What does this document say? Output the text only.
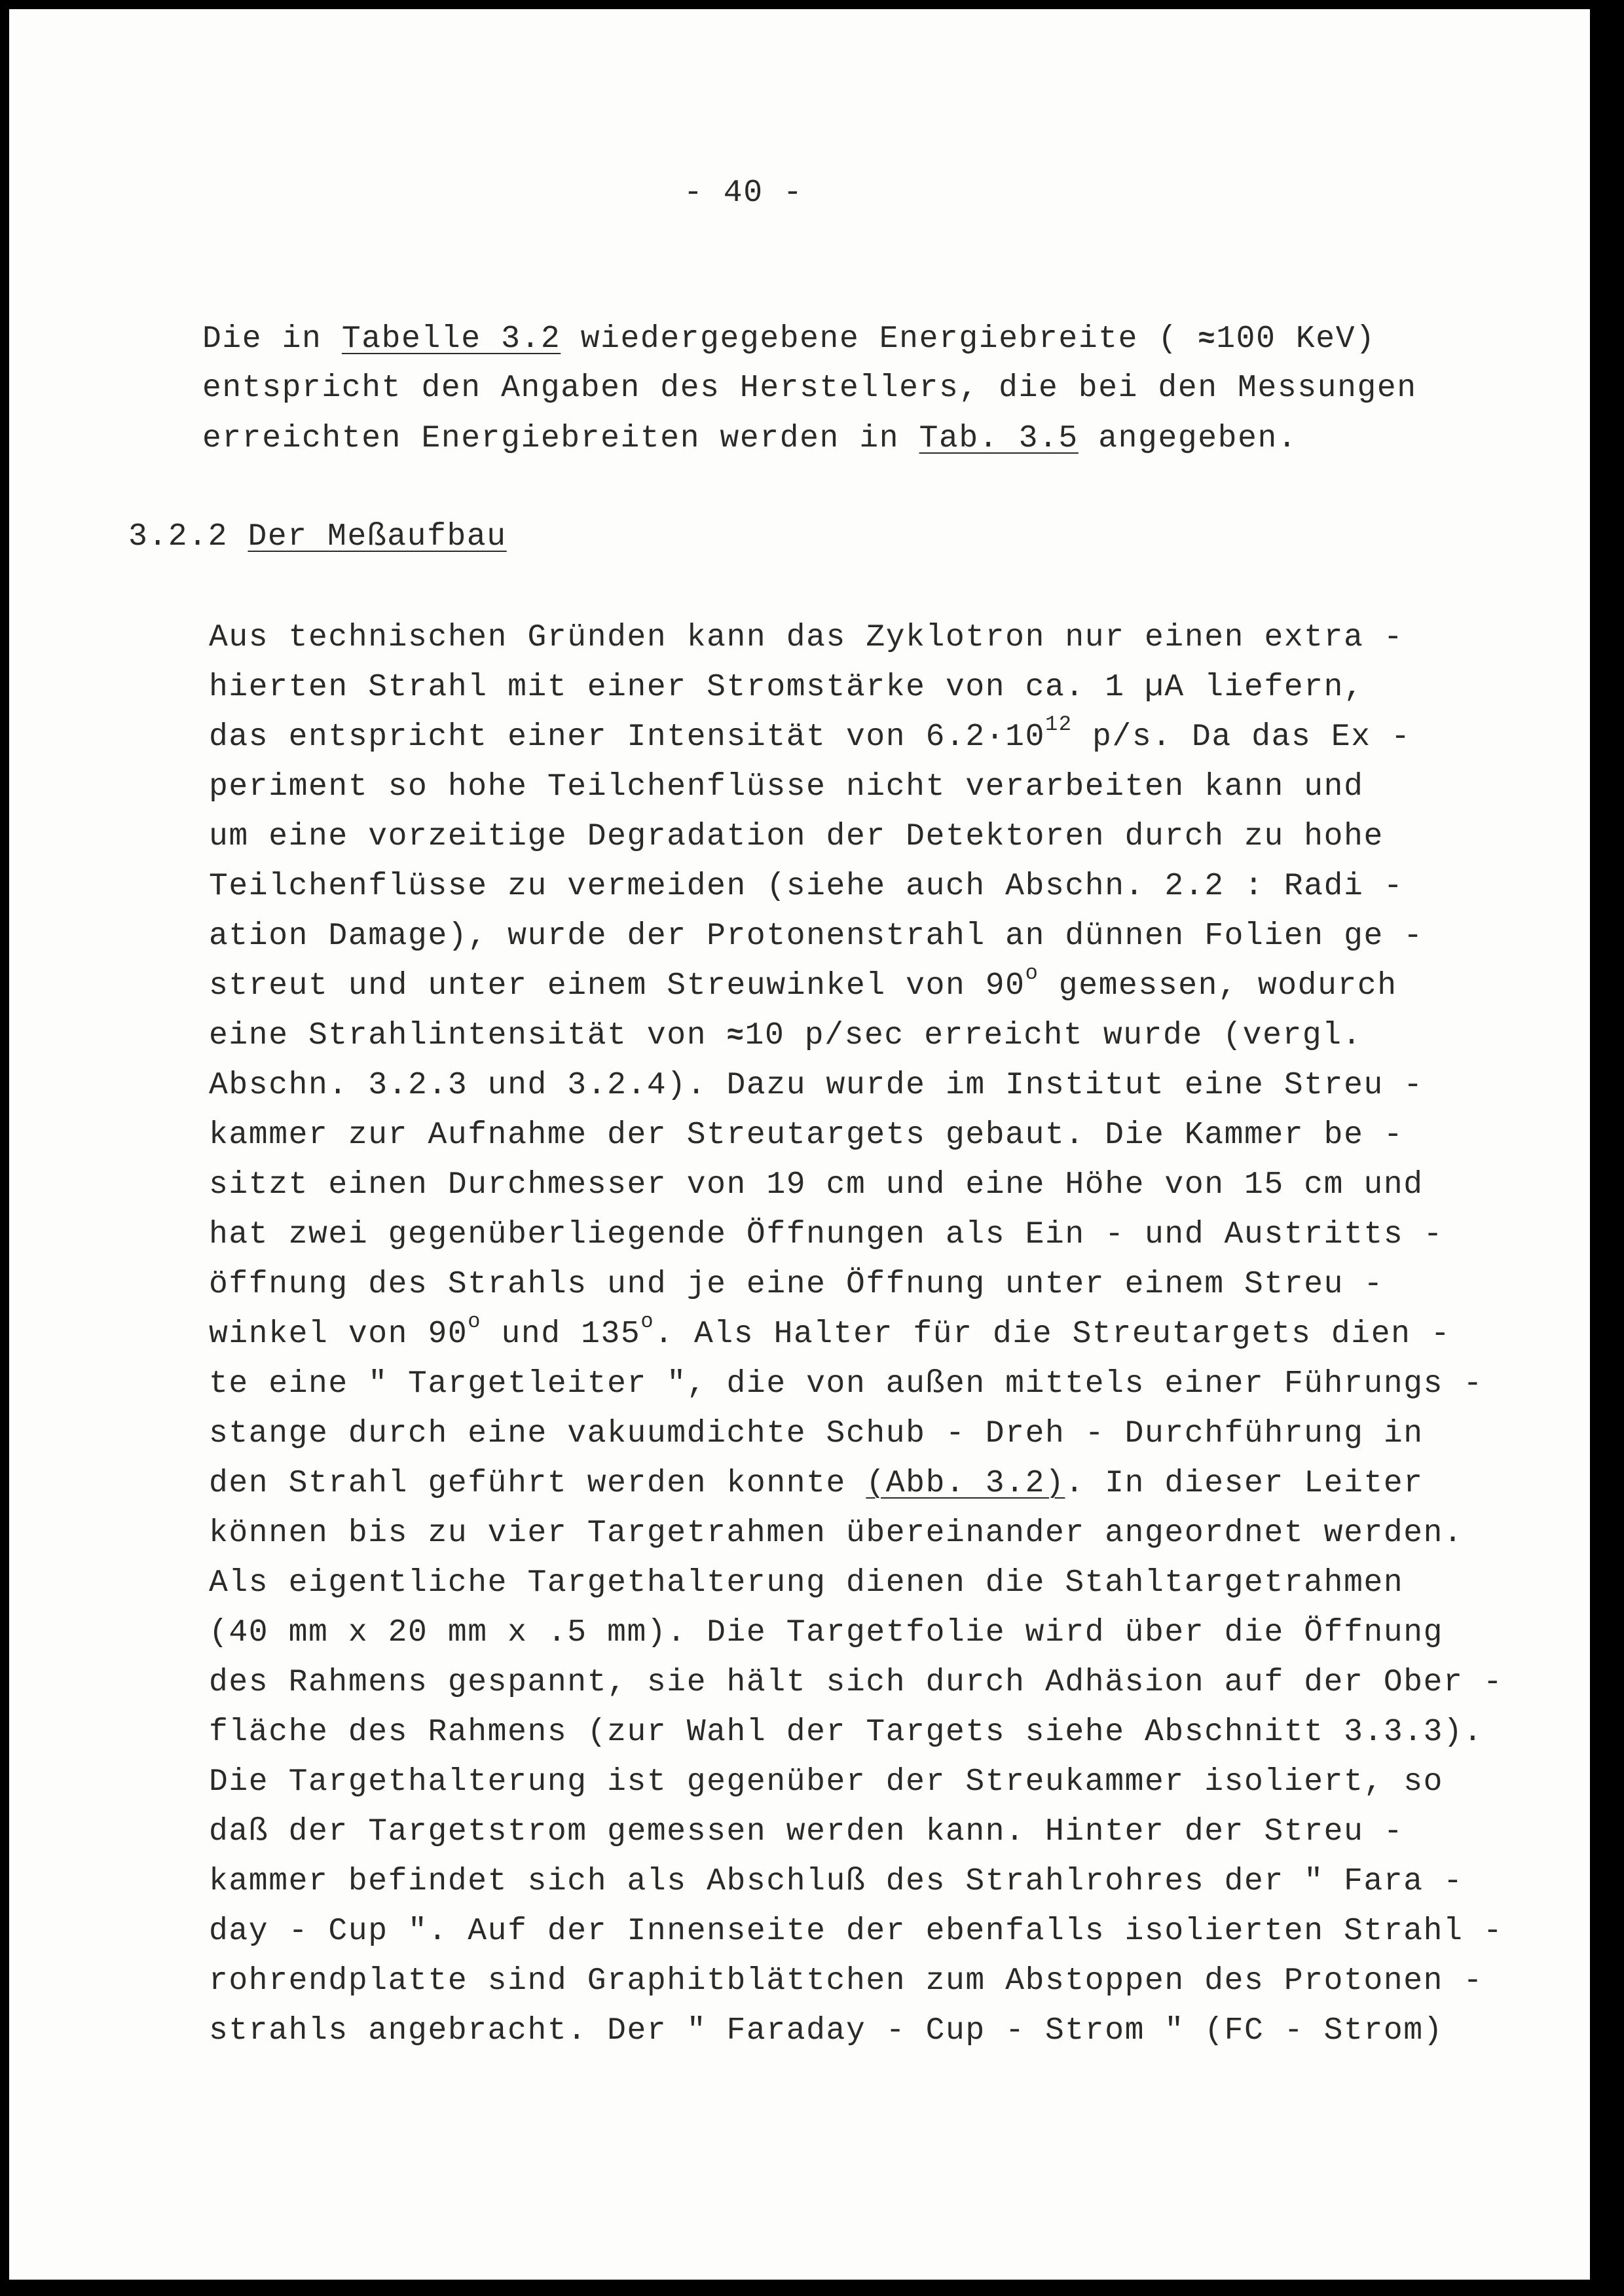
- 40 -
Die in Tabelle 3.2 wiedergegebene Energiebreite ( ≈100 KeV)
entspricht den Angaben des Herstellers, die bei den Messungen
erreichten Energiebreiten werden in Tab. 3.5 angegeben.
3.2.2 Der Meßaufbau
Aus technischen Gründen kann das Zyklotron nur einen extra -
hierten Strahl mit einer Stromstärke von ca. 1 µA liefern,
das entspricht einer Intensität von $6.2\cdot 10^{12}$ p/s. Da das Ex -
periment so hohe Teilchenflüsse nicht verarbeiten kann und
um eine vorzeitige Degradation der Detektoren durch zu hohe
Teilchenflüsse zu vermeiden (siehe auch Abschn. 2.2 : Radi -
ation Damage), wurde der Protonenstrahl an dünnen Folien ge -
streut und unter einem Streuwinkel von 90$^o$ gemessen, wodurch
eine Strahlintensität von ≈10 p/sec erreicht wurde (vergl.
Abschn. 3.2.3 und 3.2.4). Dazu wurde im Institut eine Streu -
kammer zur Aufnahme der Streutargets gebaut. Die Kammer be -
sitzt einen Durchmesser von 19 cm und eine Höhe von 15 cm und
hat zwei gegenüberliegende Öffnungen als Ein - und Austritts -
öffnung des Strahls und je eine Öffnung unter einem Streu -
winkel von 90$^o$ und 135$^o$. Als Halter für die Streutargets dien -
te eine " Targetleiter ", die von außen mittels einer Führungs -
stange durch eine vakuumdichte Schub - Dreh - Durchführung in
den Strahl geführt werden konnte (Abb. 3.2). In dieser Leiter
können bis zu vier Targetrahmen übereinander angeordnet werden.
Als eigentliche Targethalterung dienen die Stahltargetrahmen
(40 mm x 20 mm x .5 mm). Die Targetfolie wird über die Öffnung
des Rahmens gespannt, sie hält sich durch Adhäsion auf der Ober -
fläche des Rahmens (zur Wahl der Targets siehe Abschnitt 3.3.3).
Die Targethalterung ist gegenüber der Streukammer isoliert, so
daß der Targetstrom gemessen werden kann. Hinter der Streu -
kammer befindet sich als Abschluß des Strahlrohres der " Fara -
day - Cup ". Auf der Innenseite der ebenfalls isolierten Strahl -
rohrendplatte sind Graphitblättchen zum Abstoppen des Protonen -
strahls angebracht. Der " Faraday - Cup - Strom " (FC - Strom)
